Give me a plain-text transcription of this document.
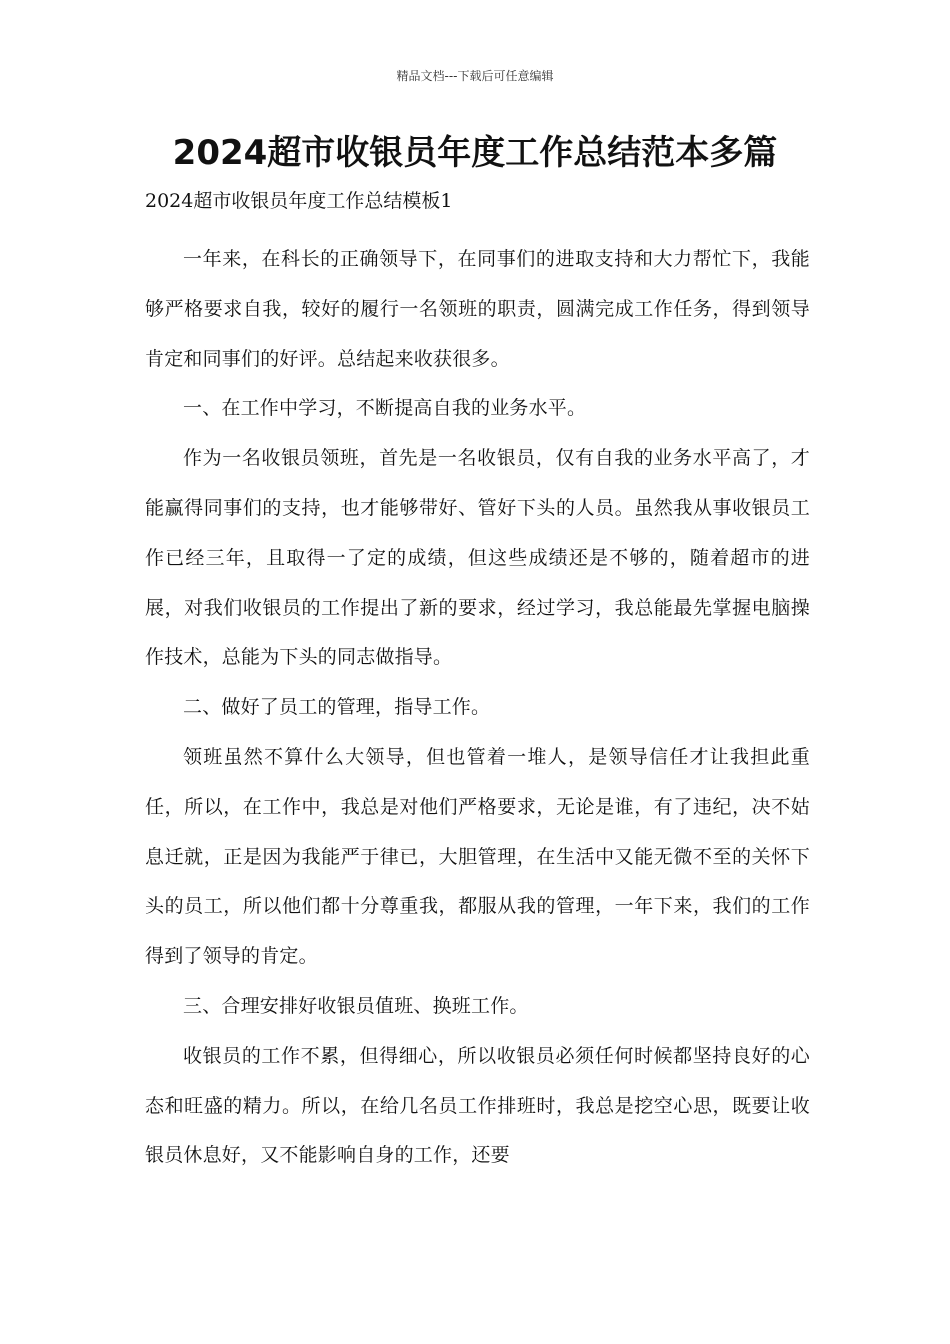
精品文档---下载后可任意编辑
2024超市收银员年度工作总结范本多篇
2024超市收银员年度工作总结模板1

一年来，在科长的正确领导下，在同事们的进取支持和大力帮忙下，我能够严格要求自我，较好的履行一名领班的职责，圆满完成工作任务，得到领导肯定和同事们的好评。总结起来收获很多。

一、在工作中学习，不断提高自我的业务水平。

作为一名收银员领班，首先是一名收银员，仅有自我的业务水平高了，才能赢得同事们的支持，也才能够带好、管好下头的人员。虽然我从事收银员工作已经三年，且取得一了定的成绩，但这些成绩还是不够的，随着超市的进展，对我们收银员的工作提出了新的要求，经过学习，我总能最先掌握电脑操作技术，总能为下头的同志做指导。

二、做好了员工的管理，指导工作。

领班虽然不算什么大领导，但也管着一堆人，是领导信任才让我担此重任，所以，在工作中，我总是对他们严格要求，无论是谁，有了违纪，决不姑息迁就，正是因为我能严于律已，大胆管理，在生活中又能无微不至的关怀下头的员工，所以他们都十分尊重我，都服从我的管理，一年下来，我们的工作得到了领导的肯定。

三、合理安排好收银员值班、换班工作。

收银员的工作不累，但得细心，所以收银员必须任何时候都坚持良好的心态和旺盛的精力。所以，在给几名员工作排班时，我总是挖空心思，既要让收银员休息好，又不能影响自身的工作，还要
